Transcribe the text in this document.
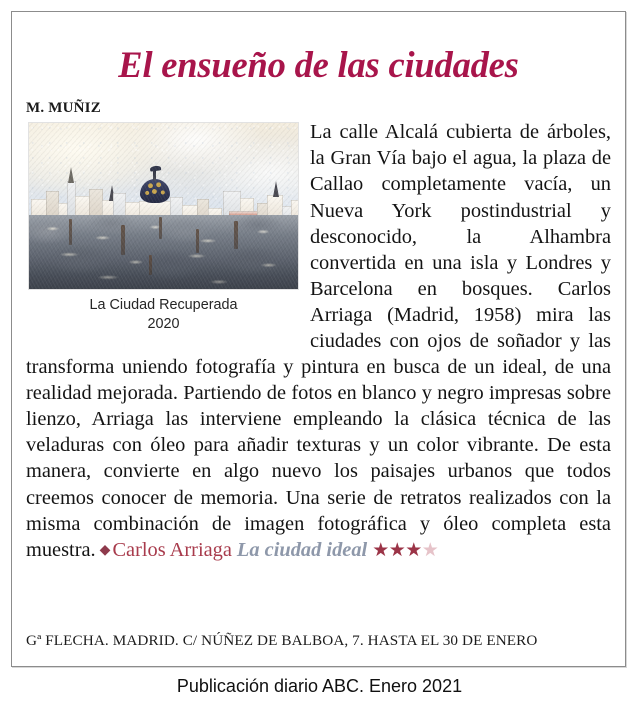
El ensueño de las ciudades

M. MUÑIZ

La Ciudad Recuperada
2020
La calle Alcalá cubierta de árboles, la Gran Vía bajo el agua, la plaza de Callao completamente vacía, un Nueva York postindustrial y desconocido, la Alhambra convertida en una isla y Londres y Barcelona en bosques. Carlos Arriaga (Madrid, 1958) mira las ciudades con ojos de soñador y las transforma uniendo fotografía y pintura en busca de un ideal, de una realidad mejorada. Partiendo de fotos en blanco y negro impresas sobre lienzo, Arriaga las interviene empleando la clásica técnica de las veladuras con óleo para añadir texturas y un color vibrante. De esta manera, convierte en algo nuevo los paisajes urbanos que todos creemos conocer de memoria. Una serie de retratos realizados con la misma combinación de imagen fotográfica y óleo completa esta muestra. ◆Carlos Arriaga La ciudad ideal ★★★★

Gª FLECHA. MADRID. C/ NÚÑEZ DE BALBOA, 7. HASTA EL 30 DE ENERO

Publicación diario ABC. Enero 2021
